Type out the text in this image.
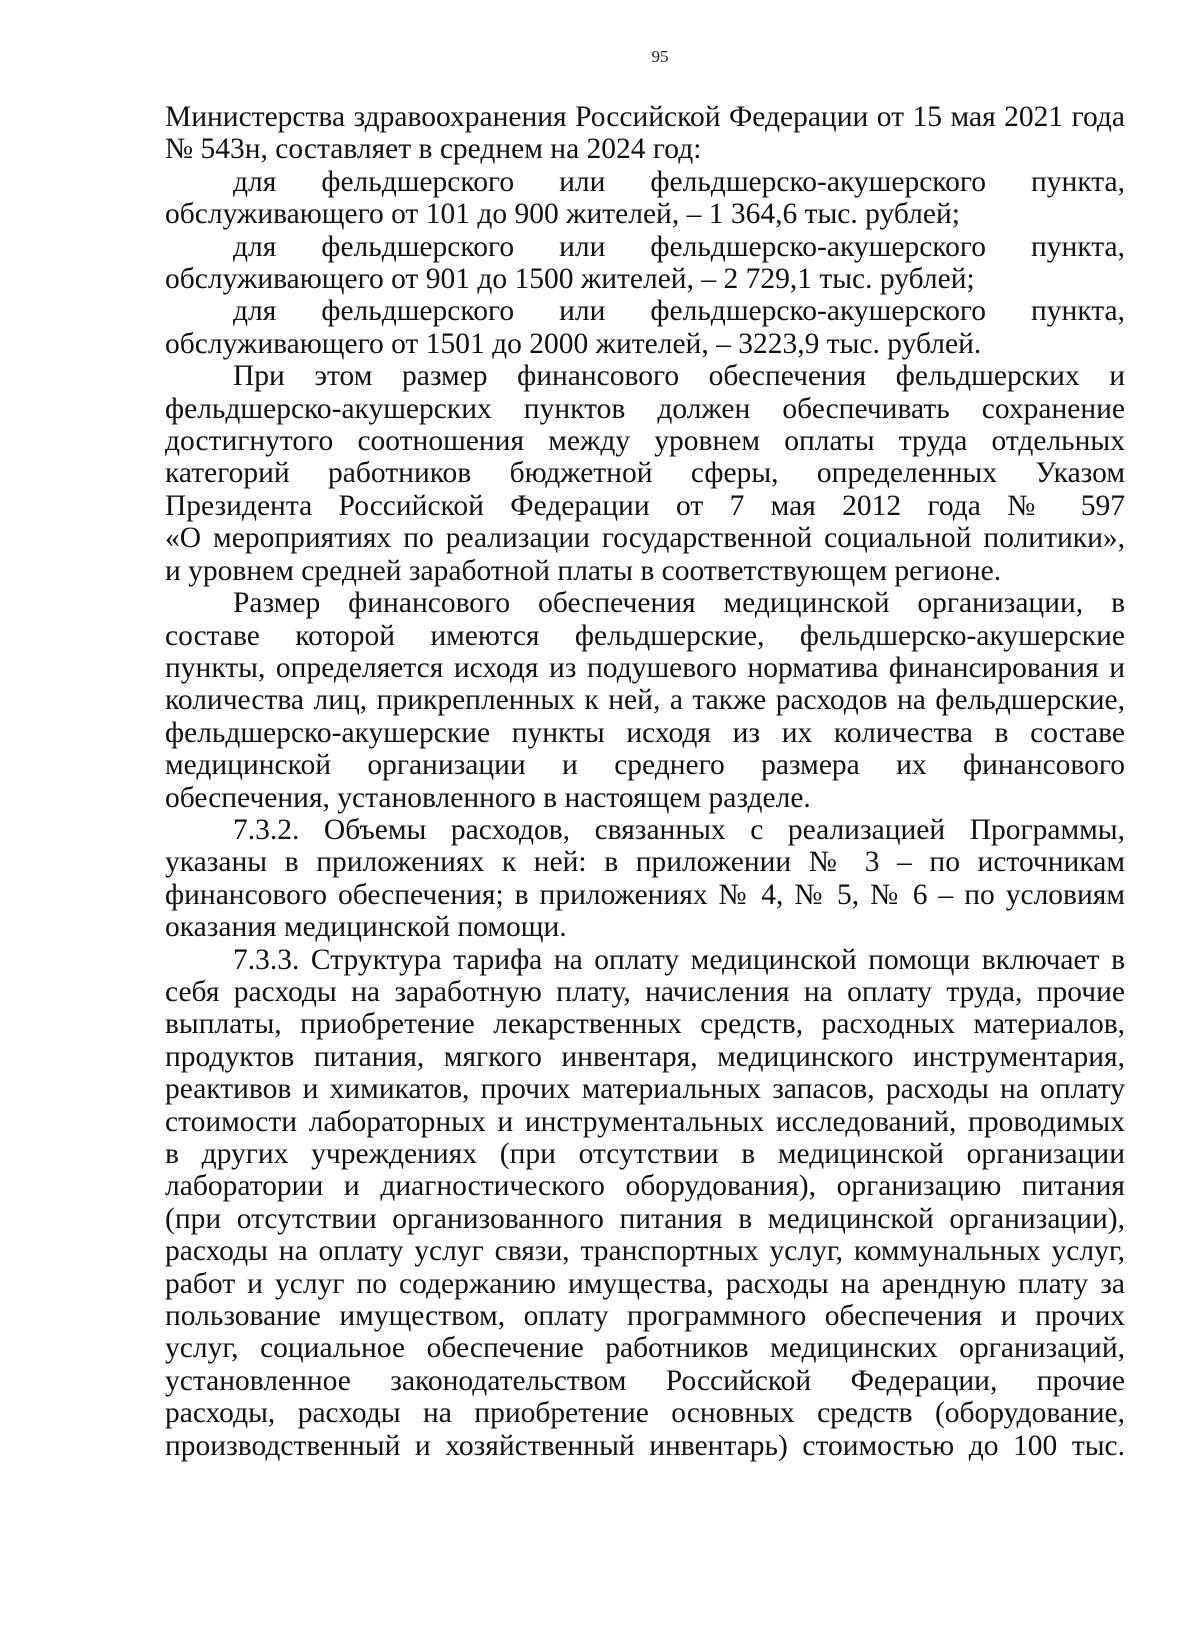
95
Министерства здравоохранения Российской Федерации от 15 мая 2021 года
№ 543н, составляет в среднем на 2024 год:
для фельдшерского или фельдшерско-акушерского пункта,
обслуживающего от 101 до 900 жителей, – 1 364,6 тыс. рублей;
для фельдшерского или фельдшерско-акушерского пункта,
обслуживающего от 901 до 1500 жителей, – 2 729,1 тыс. рублей;
для фельдшерского или фельдшерско-акушерского пункта,
обслуживающего от 1501 до 2000 жителей, – 3223,9 тыс. рублей.
При этом размер финансового обеспечения фельдшерских и
фельдшерско-акушерских пунктов должен обеспечивать сохранение
достигнутого соотношения между уровнем оплаты труда отдельных
категорий работников бюджетной сферы, определенных Указом
Президента Российской Федерации от 7 мая 2012 года № 597
«О мероприятиях по реализации государственной социальной политики»,
и уровнем средней заработной платы в соответствующем регионе.
Размер финансового обеспечения медицинской организации, в
составе которой имеются фельдшерские, фельдшерско-акушерские
пункты, определяется исходя из подушевого норматива финансирования и
количества лиц, прикрепленных к ней, а также расходов на фельдшерские,
фельдшерско-акушерские пункты исходя из их количества в составе
медицинской организации и среднего размера их финансового
обеспечения, установленного в настоящем разделе.
7.3.2. Объемы расходов, связанных с реализацией Программы,
указаны в приложениях к ней: в приложении № 3 – по источникам
финансового обеспечения; в приложениях № 4, № 5, № 6 – по условиям
оказания медицинской помощи.
7.3.3. Структура тарифа на оплату медицинской помощи включает в
себя расходы на заработную плату, начисления на оплату труда, прочие
выплаты, приобретение лекарственных средств, расходных материалов,
продуктов питания, мягкого инвентаря, медицинского инструментария,
реактивов и химикатов, прочих материальных запасов, расходы на оплату
стоимости лабораторных и инструментальных исследований, проводимых
в других учреждениях (при отсутствии в медицинской организации
лаборатории и диагностического оборудования), организацию питания
(при отсутствии организованного питания в медицинской организации),
расходы на оплату услуг связи, транспортных услуг, коммунальных услуг,
работ и услуг по содержанию имущества, расходы на арендную плату за
пользование имуществом, оплату программного обеспечения и прочих
услуг, социальное обеспечение работников медицинских организаций,
установленное законодательством Российской Федерации, прочие
расходы, расходы на приобретение основных средств (оборудование,
производственный и хозяйственный инвентарь) стоимостью до 100 тыс.
